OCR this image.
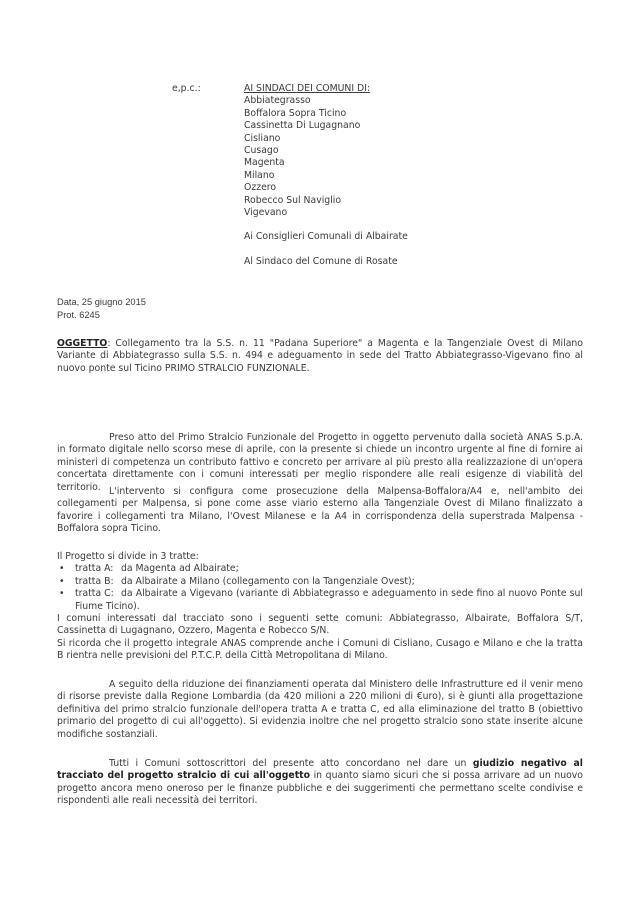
e,p.c.:	AI SINDACI DEI COMUNI DI:
Abbiategrasso
Boffalora Sopra Ticino
Cassinetta Di Lugagnano
Cisliano
Cusago
Magenta
Milano
Ozzero
Robecco Sul Naviglio
Vigevano
Ai Consiglieri Comunali di Albairate
Al Sindaco del Comune di Rosate
Data, 25 giugno 2015
Prot. 6245
OGGETTO: Collegamento tra la S.S. n. 11 "Padana Superiore" a Magenta e la Tangenziale Ovest di Milano Variante di Abbiategrasso sulla S.S. n. 494 e adeguamento in sede del Tratto Abbiategrasso-Vigevano fino al nuovo ponte sul Ticino PRIMO STRALCIO FUNZIONALE.
Preso atto del Primo Stralcio Funzionale del Progetto in oggetto pervenuto dalla società ANAS S.p.A. in formato digitale nello scorso mese di aprile, con la presente si chiede un incontro urgente al fine di fornire ai ministeri di competenza un contributo fattivo e concreto per arrivare al più presto alla realizzazione di un'opera concertata direttamente con i comuni interessati per meglio rispondere alle reali esigenze di viabilità del territorio. L'intervento si configura come prosecuzione della Malpensa-Boffalora/A4 e, nell'ambito dei collegamenti per Malpensa, si pone come asse viario esterno alla Tangenziale Ovest di Milano finalizzato a favorire i collegamenti tra Milano, l'Ovest Milanese e la A4 in corrispondenza della superstrada Malpensa - Boffalora sopra Ticino.
Il Progetto si divide in 3 tratte:
• tratta A: da Magenta ad Albairate;
• tratta B: da Albairate a Milano (collegamento con la Tangenziale Ovest);
• tratta C: da Albairate a Vigevano (variante di Abbiategrasso e adeguamento in sede fino al nuovo Ponte sul Fiume Ticino).
I comuni interessati dal tracciato sono i seguenti sette comuni: Abbiategrasso, Albairate, Boffalora S/T, Cassinetta di Lugagnano, Ozzero, Magenta e Robecco S/N.
Si ricorda che il progetto integrale ANAS comprende anche i Comuni di Cisliano, Cusago e Milano e che la tratta B rientra nelle previsioni del P.T.C.P. della Città Metropolitana di Milano.
A seguito della riduzione dei finanziamenti operata dal Ministero delle Infrastrutture ed il venir meno di risorse previste dalla Regione Lombardia (da 420 milioni a 220 milioni di €uro), si è giunti alla progettazione definitiva del primo stralcio funzionale dell'opera tratta A e tratta C, ed alla eliminazione del tratto B (obiettivo primario del progetto di cui all'oggetto). Si evidenzia inoltre che nel progetto stralcio sono state inserite alcune modifiche sostanziali.
Tutti i Comuni sottoscrittori del presente atto concordano nel dare un giudizio negativo al tracciato del progetto stralcio di cui all'oggetto in quanto siamo sicuri che si possa arrivare ad un nuovo progetto ancora meno oneroso per le finanze pubbliche e dei suggerimenti che permettano scelte condivise e rispondenti alle reali necessità dei territori.
